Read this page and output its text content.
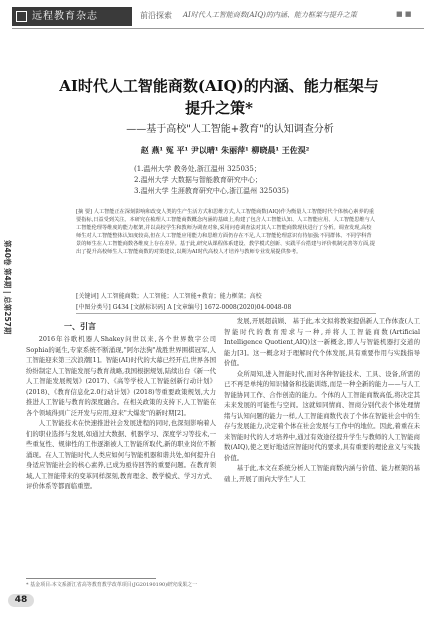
远程教育杂志	前沿探索 AI时代人工智能商数(AIQ)的内涵、能力框架与提升之策	■ ■
第40卷 第4期 | 总第257期
AI时代人工智能商数(AIQ)的内涵、能力框架与
提升之策*
——基于高校"人工智能+教育"的认知调查分析
赵 燕¹ 冤 平¹ 尹以晴¹ 朱丽萍¹ 柳晓晨¹ 王佐淏²
(1.温州大学 教务处,浙江温州 325035；
2.温州大学 大数据与智能教育研究中心；
3.温州大学 生涯教育研究中心,浙江温州 325035)
[摘 要] 人工智能正在深刻影响和改变人类的生产生活方式和思维方式,人工智能商数(AIQ)作为衡量人工智能时代个体核心素养的重要指标,日益受到关注。本研究在梳理人工智能商数概念内涵的基础上,构建了包含人工智能认知、人工智能应用、人工智能思维与人工智能伦理等维度的能力框架,并以高校学生和教师为调查对象,采用问卷调查法对其人工智能商数现状进行了分析。调查发现,高校师生对人工智能整体认知度较高,但在人工智能应用能力和思维方面仍存在不足,人工智能伦理意识有待加强;不同群体、不同学科背景的师生在人工智能商数各维度上存在差异。基于此,研究从课程体系建设、教学模式创新、实践平台搭建与评价机制完善等方面,提出了提升高校师生人工智能商数的对策建议,以期为AI时代高校人才培养与教师专业发展提供参考。
[关键词] 人工智能商数；人工智能；人工智能+教育；能力框架；高校
[中图分类号] G434 [文献标识码] A [文章编号] 1672-0008(2020)04-0048-08
一、引言

2016年谷歌机器人Shakey问世以来,各个世界数字公司Sophia的诞生,专家系统不断涌现,"阿尔法狗"战胜世界围棋冠军,人工智能迎来第三次浪潮[1]。智能(AI)时代的大幕已经开启,世界各国纷纷制定人工智能发展与教育战略,我国根据规划,陆续出台《新一代人工智能发展规划》(2017)、《高等学校人工智能创新行动计划》(2018)、《教育信息化2.0行动计划》(2018)等重要政策规划,大力推进人工智能与教育的深度融合。在相关政策的支持下,人工智能在各个领域得到广泛开发与应用,迎来"大爆发"的新时期[2]。

人工智能技术在快速推进社会发展进程的同时,也深刻影响着人们的职业选择与发展,如通过大数据、机器学习、深度学习等技术,一些重复性、规律性的工作逐渐被人工智能所取代,新的职业岗位不断涌现。在人工智能时代,人类应如何与智能机器和谐共处,如何提升自身适应智能社会的核心素养,已成为亟待回答的重要问题。在教育领域,人工智能带来的变革同样深刻,教育理念、教学模式、学习方式、评价体系等都面临重塑。

发展,开展超前顾、 基于此,本文拟将教案提倡新人工作体查(人工智能时代的教育需求与一种,并将人工智能商数(Artificial Intelligence Quotient,AIQ)这一新概念,即人与智能机器打交道的能力[3]。这一概念对于理解时代个体发展,具有重要作用与实践指导价值。

众所周知,进入智能时代,面对各种智能技术、工具、设备,所需的已不再是单纯的知识储备和技能训练,而是一种全新的能力——与人工智能协同工作、合作创造的能力。个体的人工智能商数高低,将决定其未来发展的可能性与空间。这就如同情商、智商分别代表个体处理情绪与认知问题的能力一样,人工智能商数代表了个体在智能社会中的生存与发展能力,决定着个体在社会发展与工作中的地位。因此,着重在未来智能时代的人才培养中,通过有效途径提升学生与教师的人工智能商数(AIQ),使之更好地适应智能时代的要求,具有重要的理论意义与实践价值。

基于此,本文在系统分析人工智能商数内涵与价值、能力框架的基础上,开展了面向大学生"人工

* 基金项目:本文系浙江省高等教育教学改革项目(JG20190190)研究成果之一
48
